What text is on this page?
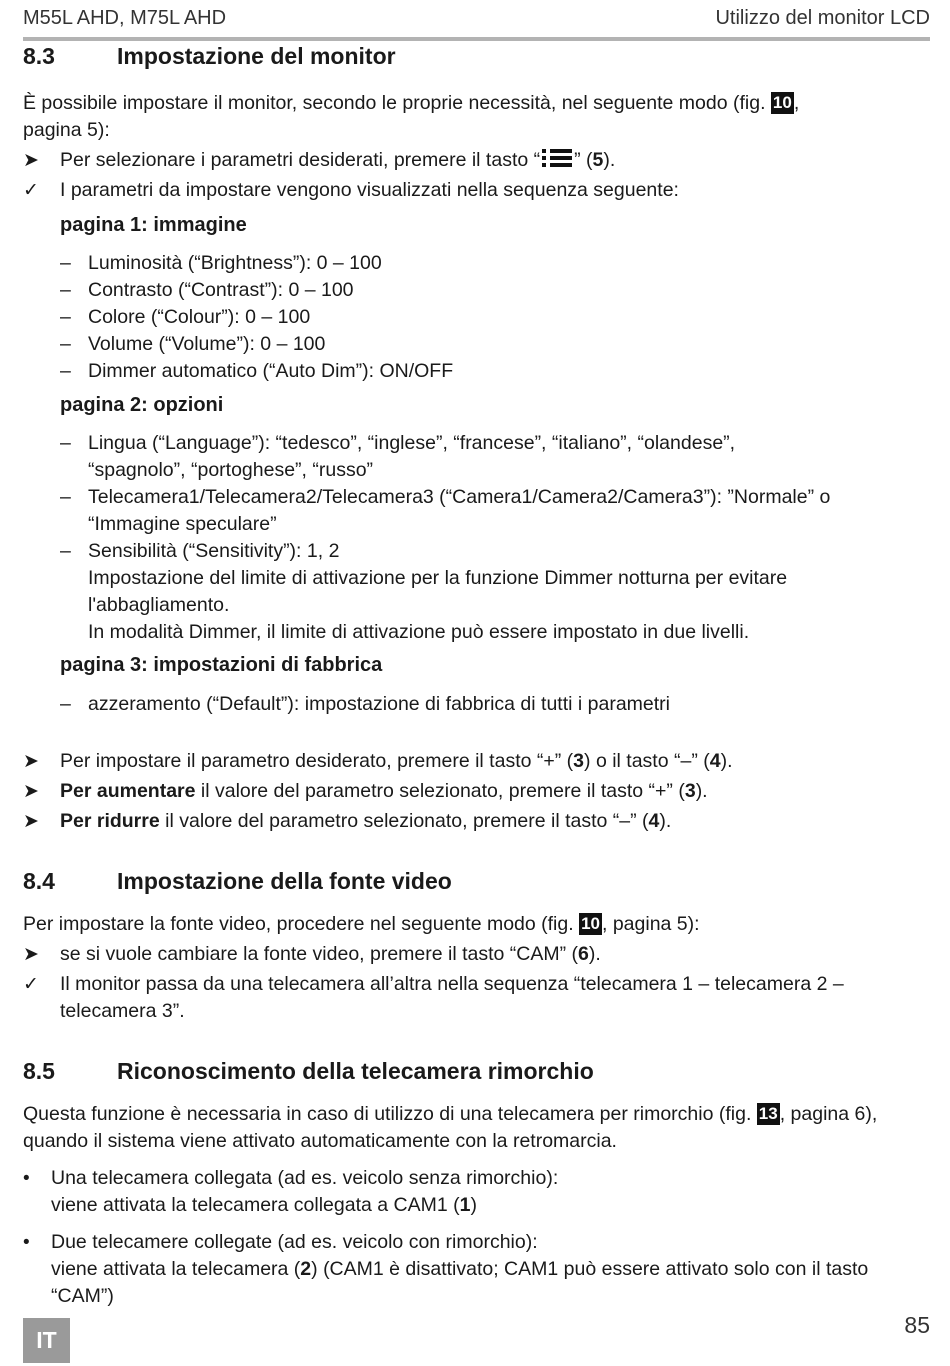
M55L AHD, M75L AHD	Utilizzo del monitor LCD
8.3	Impostazione del monitor
È possibile impostare il monitor, secondo le proprie necessità, nel seguente modo (fig. 10 ,
pagina 5):
➤ Per selezionare i parametri desiderati, premere il tasto “ ” (5).
✓ I parametri da impostare vengono visualizzati nella sequenza seguente:
pagina 1: immagine
– Luminosità (“Brightness”): 0 – 100
– Contrasto (“Contrast”): 0 – 100
– Colore (“Colour”): 0 – 100
– Volume (“Volume”): 0 – 100
– Dimmer automatico (“Auto Dim”): ON/OFF
pagina 2: opzioni
– Lingua (“Language”): “tedesco”, “inglese”, “francese”, “italiano”, “olandese”,
“spagnolo”, “portoghese”, “russo”
– Telecamera1/Telecamera2/Telecamera3 (“Camera1/Camera2/Camera3”): ”Normale” o
“Immagine speculare”
– Sensibilità (“Sensitivity”): 1, 2
Impostazione del limite di attivazione per la funzione Dimmer notturna per evitare
l'abbagliamento.
In modalità Dimmer, il limite di attivazione può essere impostato in due livelli.
pagina 3: impostazioni di fabbrica
– azzeramento (“Default”): impostazione di fabbrica di tutti i parametri
➤ Per impostare il parametro desiderato, premere il tasto “+” (3) o il tasto “–” (4).
➤ Per aumentare il valore del parametro selezionato, premere il tasto “+” (3).
➤ Per ridurre il valore del parametro selezionato, premere il tasto “–” (4).
8.4	Impostazione della fonte video
Per impostare la fonte video, procedere nel seguente modo (fig. 10 , pagina 5):
➤ se si vuole cambiare la fonte video, premere il tasto “CAM” (6).
✓ Il monitor passa da una telecamera all’altra nella sequenza “telecamera 1 – telecamera 2 –
telecamera 3”.
8.5	Riconoscimento della telecamera rimorchio
Questa funzione è necessaria in caso di utilizzo di una telecamera per rimorchio (fig. 13 , pagina 6),
quando il sistema viene attivato automaticamente con la retromarcia.
• Una telecamera collegata (ad es. veicolo senza rimorchio):
viene attivata la telecamera collegata a CAM1 (1)
• Due telecamere collegate (ad es. veicolo con rimorchio):
viene attivata la telecamera (2) (CAM1 è disattivato; CAM1 può essere attivato solo con il tasto
“CAM”)
IT
85
